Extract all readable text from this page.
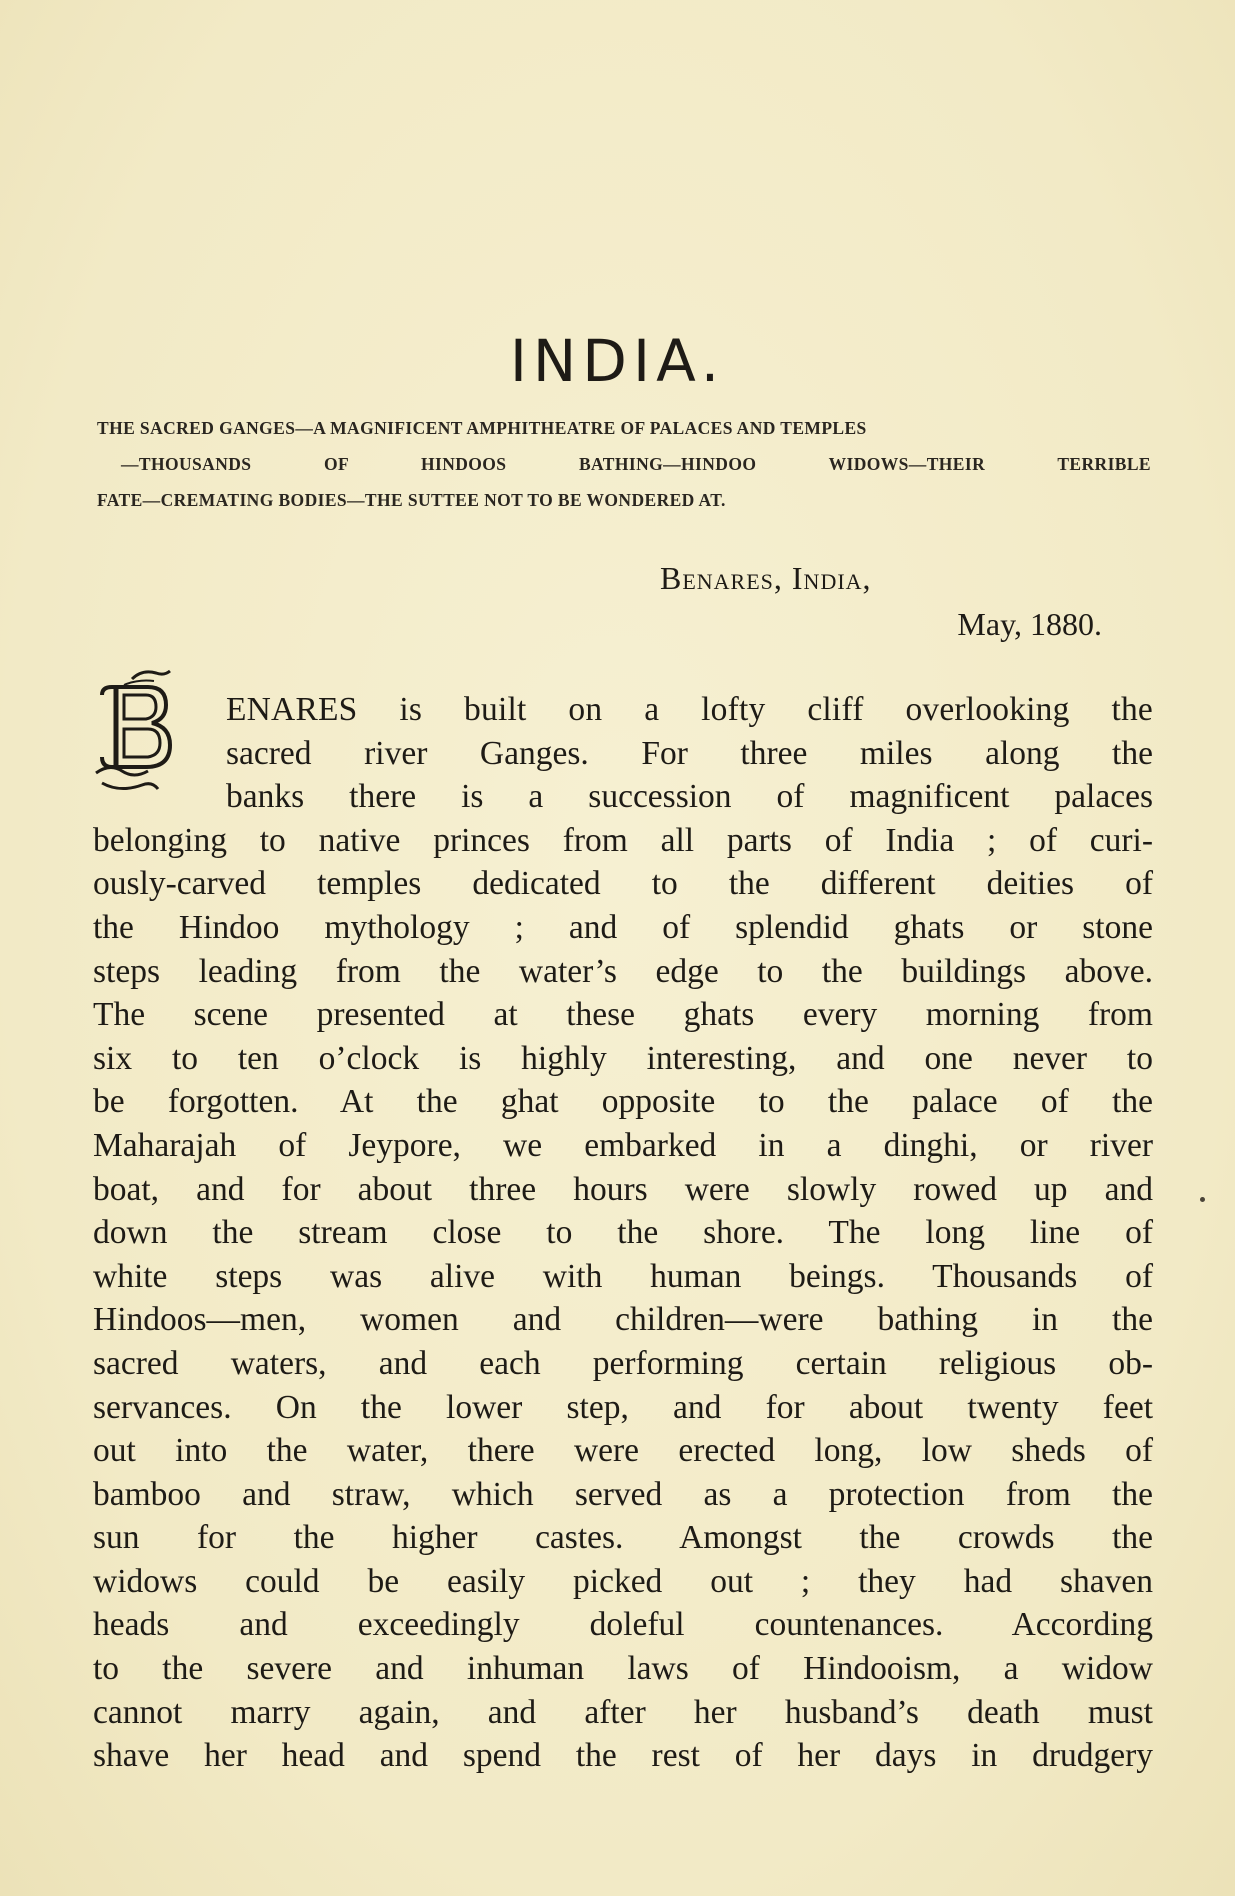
INDIA.
THE SACRED GANGES—A MAGNIFICENT AMPHITHEATRE OF PALACES AND TEMPLES
—THOUSANDS OF HINDOOS BATHING—HINDOO WIDOWS—THEIR TERRIBLE
FATE—CREMATING BODIES—THE SUTTEE NOT TO BE WONDERED AT.
Benares, India,
May, 1880.
ENARES is built on a lofty cliff overlooking the
sacred river Ganges. For three miles along the
banks there is a succession of magnificent palaces
belonging to native princes from all parts of India ; of curi-
ously-carved temples dedicated to the different deities of
the Hindoo mythology ; and of splendid ghats or stone
steps leading from the water’s edge to the buildings above.
The scene presented at these ghats every morning from
six to ten o’clock is highly interesting, and one never to
be forgotten. At the ghat opposite to the palace of the
Maharajah of Jeypore, we embarked in a dinghi, or river
boat, and for about three hours were slowly rowed up and
down the stream close to the shore. The long line of
white steps was alive with human beings. Thousands of
Hindoos—men, women and children—were bathing in the
sacred waters, and each performing certain religious ob-
servances. On the lower step, and for about twenty feet
out into the water, there were erected long, low sheds of
bamboo and straw, which served as a protection from the
sun for the higher castes. Amongst the crowds the
widows could be easily picked out ; they had shaven
heads and exceedingly doleful countenances. According
to the severe and inhuman laws of Hindooism, a widow
cannot marry again, and after her husband’s death must
shave her head and spend the rest of her days in drudgery
